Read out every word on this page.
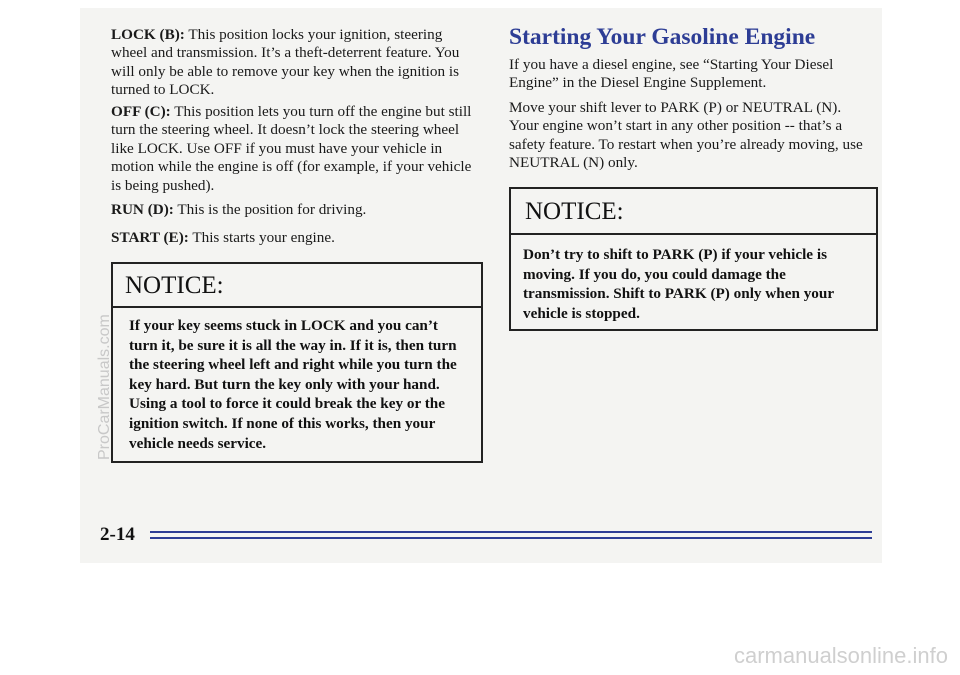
LOCK (B): This position locks your ignition, steering wheel and transmission. It’s a theft-deterrent feature. You will only be able to remove your key when the ignition is turned to LOCK.

OFF (C): This position lets you turn off the engine but still turn the steering wheel. It doesn’t lock the steering wheel like LOCK. Use OFF if you must have your vehicle in motion while the engine is off (for example, if your vehicle is being pushed).

RUN (D): This is the position for driving.

START (E): This starts your engine.

NOTICE:

If your key seems stuck in LOCK and you can’t turn it, be sure it is all the way in. If it is, then turn the steering wheel left and right while you turn the key hard. But turn the key only with your hand. Using a tool to force it could break the key or the ignition switch. If none of this works, then your vehicle needs service.

Starting Your Gasoline Engine

If you have a diesel engine, see “Starting Your Diesel Engine” in the Diesel Engine Supplement.

Move your shift lever to PARK (P) or NEUTRAL (N). Your engine won’t start in any other position -- that’s a safety feature. To restart when you’re already moving, use NEUTRAL (N) only.

NOTICE:

Don’t try to shift to PARK (P) if your vehicle is moving. If you do, you could damage the transmission. Shift to PARK (P) only when your vehicle is stopped.

2-14
ProCarManuals.com
carmanualsonline.info
